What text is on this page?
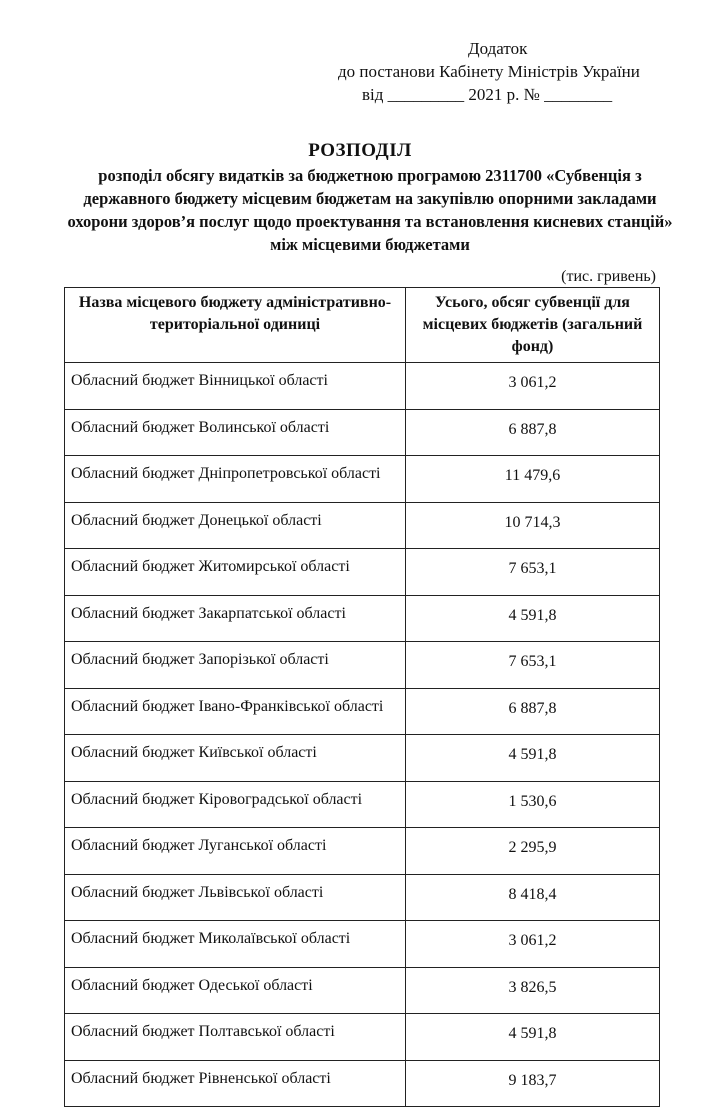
Додаток
до постанови Кабінету Міністрів України
від _________ 2021 р. № ________
РОЗПОДІЛ
розподіл обсягу видатків за бюджетною програмою 2311700 «Субвенція з державного бюджету місцевим бюджетам на закупівлю опорними закладами охорони здоров’я послуг щодо проектування та встановлення кисневих станцій» між місцевими бюджетами
(тис. гривень)
Назва місцевого бюджету адміністративно-територіальної одиниці	Усього, обсяг субвенції для місцевих бюджетів (загальний фонд)
Обласний бюджет Вінницької області	3 061,2
Обласний бюджет Волинської області	6 887,8
Обласний бюджет Дніпропетровської області	11 479,6
Обласний бюджет Донецької області	10 714,3
Обласний бюджет Житомирської області	7 653,1
Обласний бюджет Закарпатської області	4 591,8
Обласний бюджет Запорізької області	7 653,1
Обласний бюджет Івано-Франківської області	6 887,8
Обласний бюджет Київської області	4 591,8
Обласний бюджет Кіровоградської області	1 530,6
Обласний бюджет Луганської області	2 295,9
Обласний бюджет Львівської області	8 418,4
Обласний бюджет Миколаївської області	3 061,2
Обласний бюджет Одеської області	3 826,5
Обласний бюджет Полтавської області	4 591,8
Обласний бюджет Рівненської області	9 183,7
